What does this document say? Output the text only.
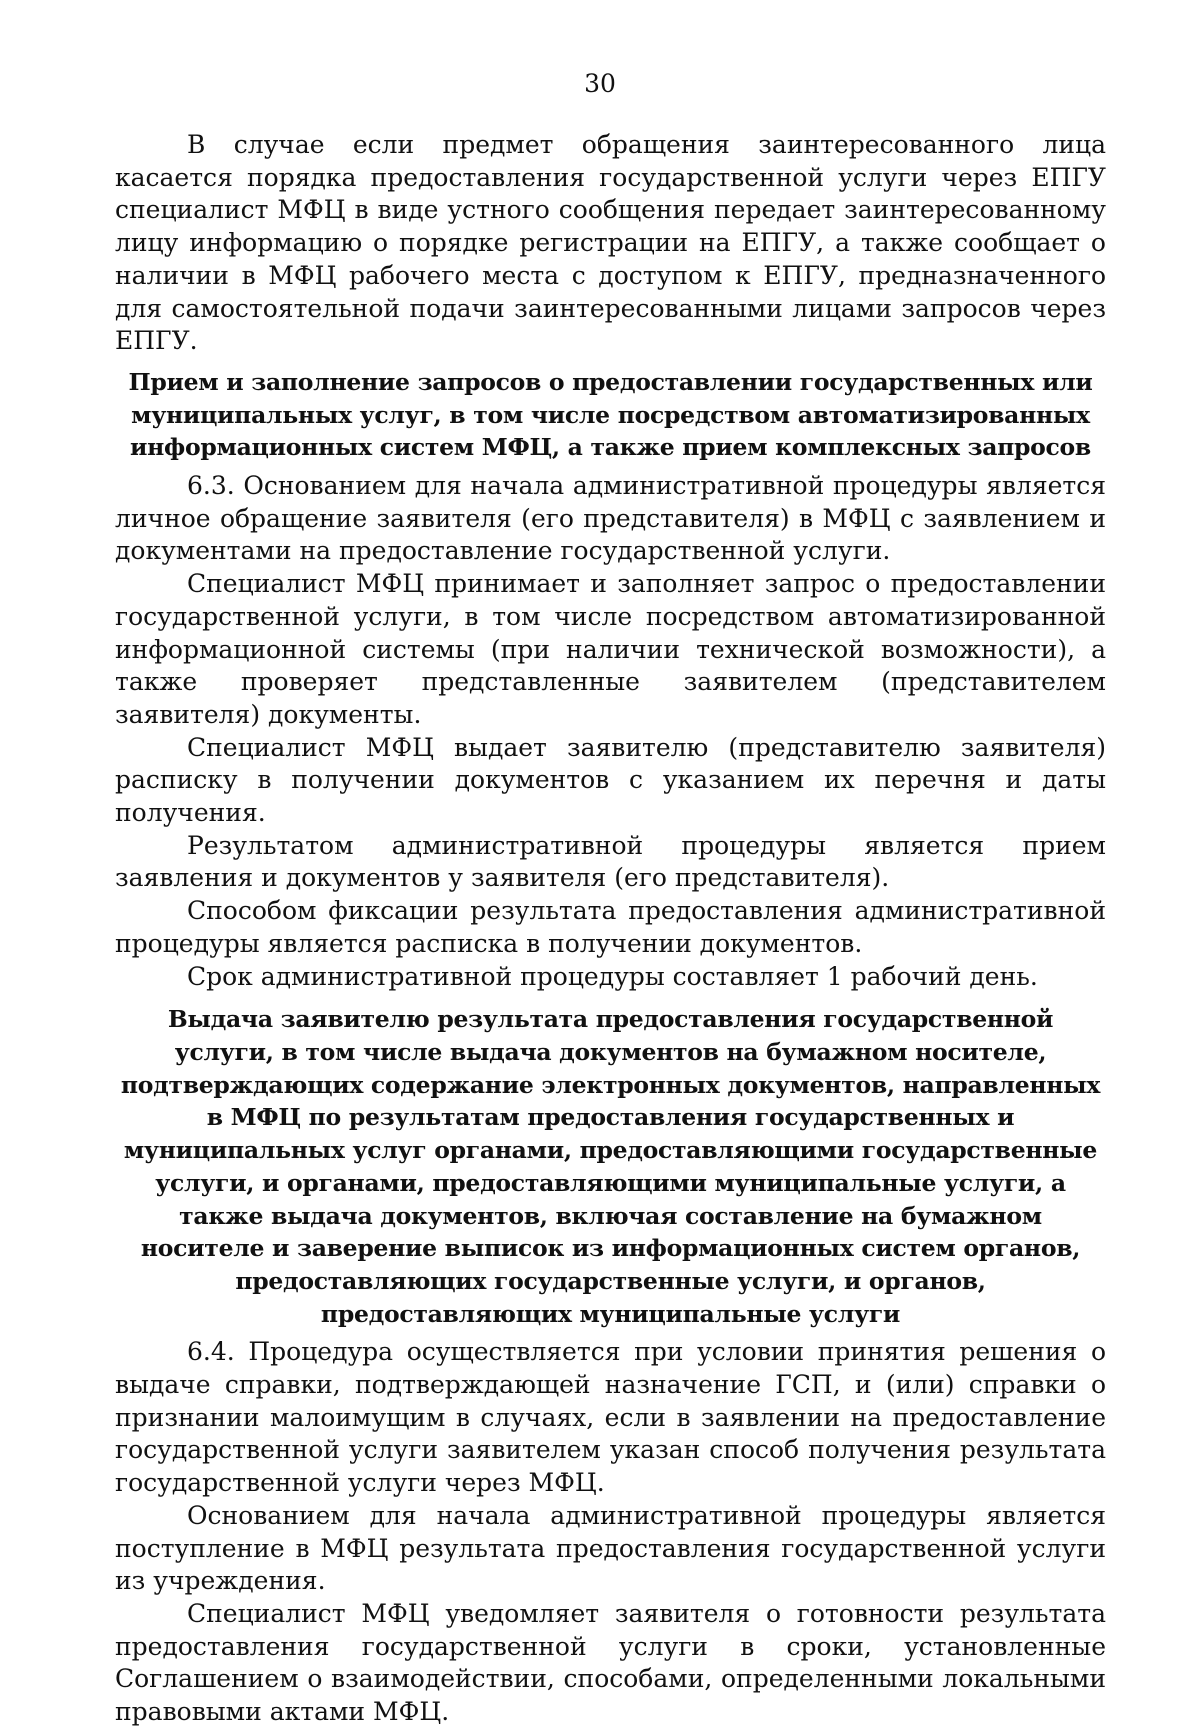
30

В случае если предмет обращения заинтересованного лица касается порядка предоставления государственной услуги через ЕПГУ специалист МФЦ в виде устного сообщения передает заинтересованному лицу информацию о порядке регистрации на ЕПГУ, а также сообщает о наличии в МФЦ рабочего места с доступом к ЕПГУ, предназначенного для самостоятельной подачи заинтересованными лицами запросов через ЕПГУ.

Прием и заполнение запросов о предоставлении государственных или муниципальных услуг, в том числе посредством автоматизированных информационных систем МФЦ, а также прием комплексных запросов

6.3. Основанием для начала административной процедуры является личное обращение заявителя (его представителя) в МФЦ с заявлением и документами на предоставление государственной услуги.

Специалист МФЦ принимает и заполняет запрос о предоставлении государственной услуги, в том числе посредством автоматизированной информационной системы (при наличии технической возможности), а также проверяет представленные заявителем (представителем заявителя) документы.

Специалист МФЦ выдает заявителю (представителю заявителя) расписку в получении документов с указанием их перечня и даты получения.

Результатом административной процедуры является прием заявления и документов у заявителя (его представителя).

Способом фиксации результата предоставления административной процедуры является расписка в получении документов.

Срок административной процедуры составляет 1 рабочий день.

Выдача заявителю результата предоставления государственной услуги, в том числе выдача документов на бумажном носителе, подтверждающих содержание электронных документов, направленных в МФЦ по результатам предоставления государственных и муниципальных услуг органами, предоставляющими государственные услуги, и органами, предоставляющими муниципальные услуги, а также выдача документов, включая составление на бумажном носителе и заверение выписок из информационных систем органов, предоставляющих государственные услуги, и органов, предоставляющих муниципальные услуги

6.4. Процедура осуществляется при условии принятия решения о выдаче справки, подтверждающей назначение ГСП, и (или) справки о признании малоимущим в случаях, если в заявлении на предоставление государственной услуги заявителем указан способ получения результата государственной услуги через МФЦ.

Основанием для начала административной процедуры является поступление в МФЦ результата предоставления государственной услуги из учреждения.

Специалист МФЦ уведомляет заявителя о готовности результата предоставления государственной услуги в сроки, установленные Соглашением о взаимодействии, способами, определенными локальными правовыми актами МФЦ.
